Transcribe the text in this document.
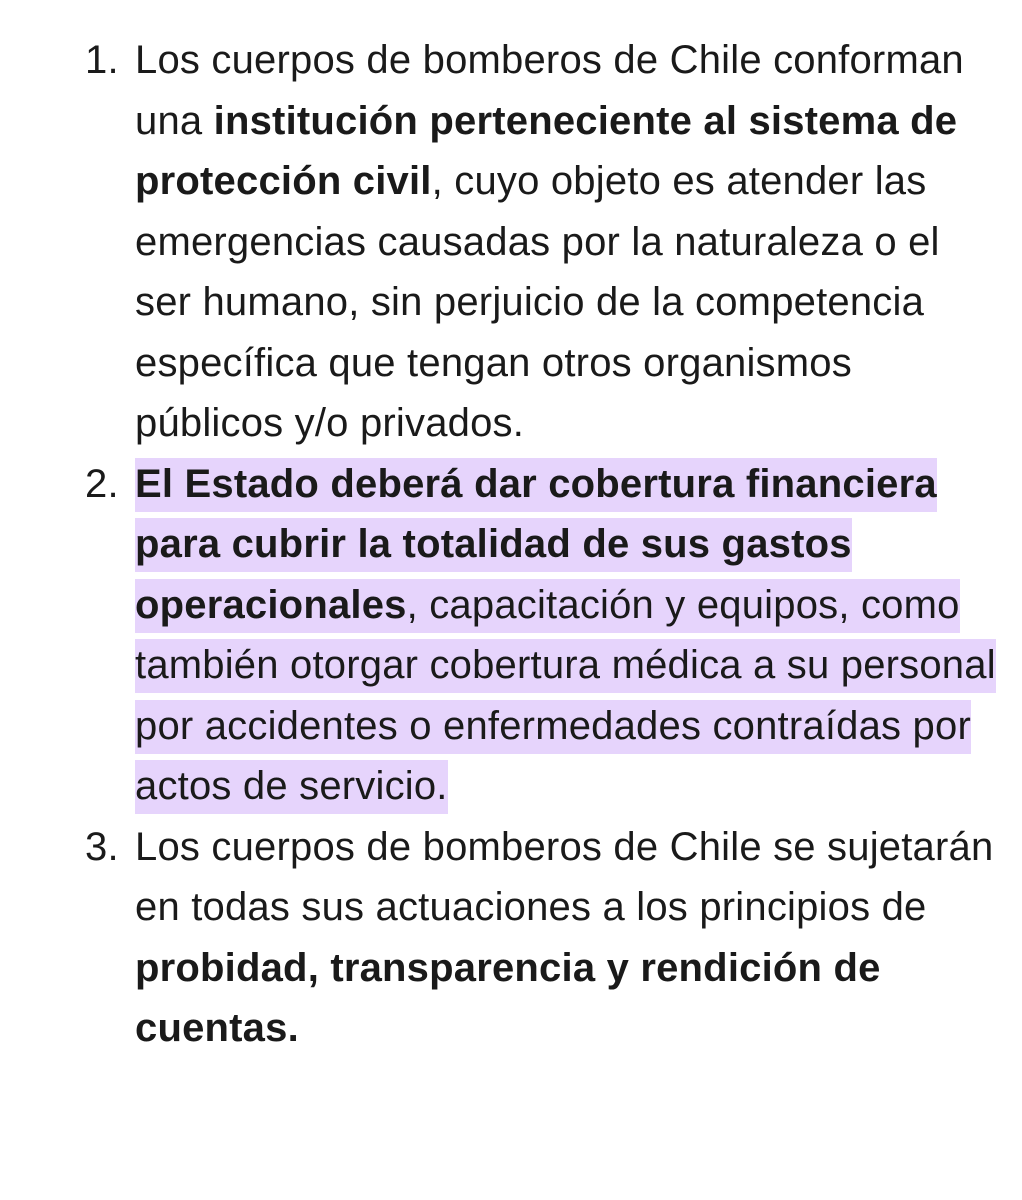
1. Los cuerpos de bomberos de Chile conforman una institución perteneciente al sistema de protección civil, cuyo objeto es atender las emergencias causadas por la naturaleza o el ser humano, sin perjuicio de la competencia específica que tengan otros organismos públicos y/o privados.
2. El Estado deberá dar cobertura financiera para cubrir la totalidad de sus gastos operacionales, capacitación y equipos, como también otorgar cobertura médica a su personal por accidentes o enfermedades contraídas por actos de servicio.
3. Los cuerpos de bomberos de Chile se sujetarán en todas sus actuaciones a los principios de probidad, transparencia y rendición de cuentas.
